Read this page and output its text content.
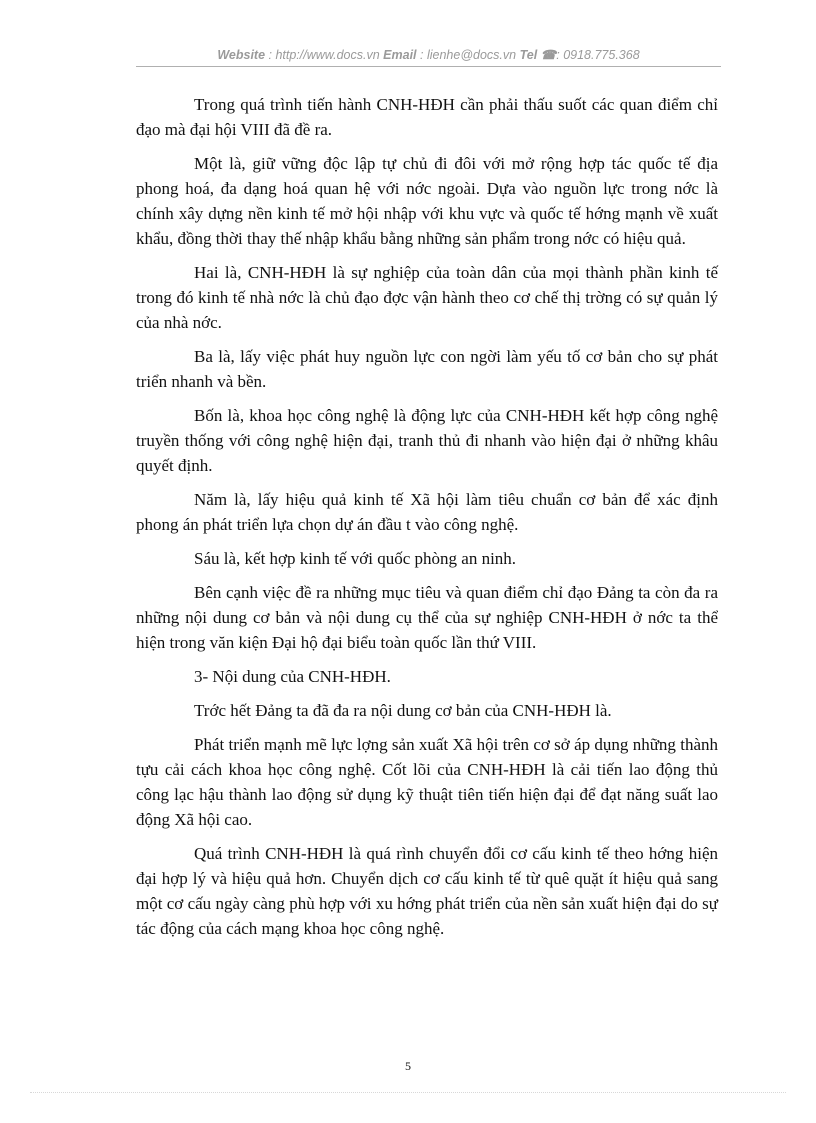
Website : http://www.docs.vn Email : lienhe@docs.vn Tel ☎: 0918.775.368

Trong quá trình tiến hành CNH-HĐH cần phải thấu suốt các quan điểm chỉ đạo mà đại hội VIII đã đề ra.

Một là, giữ vững độc lập tự chủ đi đôi với mở rộng hợp tác quốc tế địa phong hoá, đa dạng hoá quan hệ với nớc ngoài. Dựa vào nguồn lực trong nớc là chính xây dựng nền kinh tế mở hội nhập với khu vực và quốc tế hớng mạnh về xuất khẩu, đồng thời thay thế nhập khẩu bằng những sản phẩm trong nớc có hiệu quả.

Hai là, CNH-HĐH là sự nghiệp của toàn dân của mọi thành phần kinh tế trong đó kinh tế nhà nớc là chủ đạo đợc vận hành theo cơ chế thị trờng có sự quản lý của nhà nớc.

Ba là, lấy việc phát huy nguồn lực con ngời làm yếu tố cơ bản cho sự phát triển nhanh và bền.

Bốn là, khoa học công nghệ là động lực của CNH-HĐH kết hợp công nghệ truyền thống với công nghệ hiện đại, tranh thủ đi nhanh vào hiện đại ở những khâu quyết định.

Năm là, lấy hiệu quả kinh tế Xã hội làm tiêu chuẩn cơ bản để xác định phong án phát triển lựa chọn dự án đầu t vào công nghệ.

Sáu là, kết hợp kinh tế với quốc phòng an ninh.

Bên cạnh việc đề ra những mục tiêu và quan điểm chỉ đạo Đảng ta còn đa ra những nội dung cơ bản và nội dung cụ thể của sự nghiệp CNH-HĐH ở nớc ta thể hiện trong văn kiện Đại hộ đại biểu toàn quốc lần thứ VIII.

3- Nội dung của CNH-HĐH.

Trớc hết Đảng ta đã đa ra nội dung cơ bản của CNH-HĐH là.

Phát triển mạnh mẽ lực lợng sản xuất Xã hội trên cơ sở áp dụng những thành tựu cải cách khoa học công nghệ. Cốt lõi của CNH-HĐH là cải tiến lao động thủ công lạc hậu thành lao động sử dụng kỹ thuật tiên tiến hiện đại để đạt năng suất lao động Xã hội cao.

Quá trình CNH-HĐH là quá rình chuyển đổi cơ cấu kinh tế theo hớng hiện đại hợp lý và hiệu quả hơn. Chuyển dịch cơ cấu kinh tế từ quê quặt ít hiệu quả sang một cơ cấu ngày càng phù hợp với xu hớng phát triển của nền sản xuất hiện đại do sự tác động của cách mạng khoa học công nghệ.

5
